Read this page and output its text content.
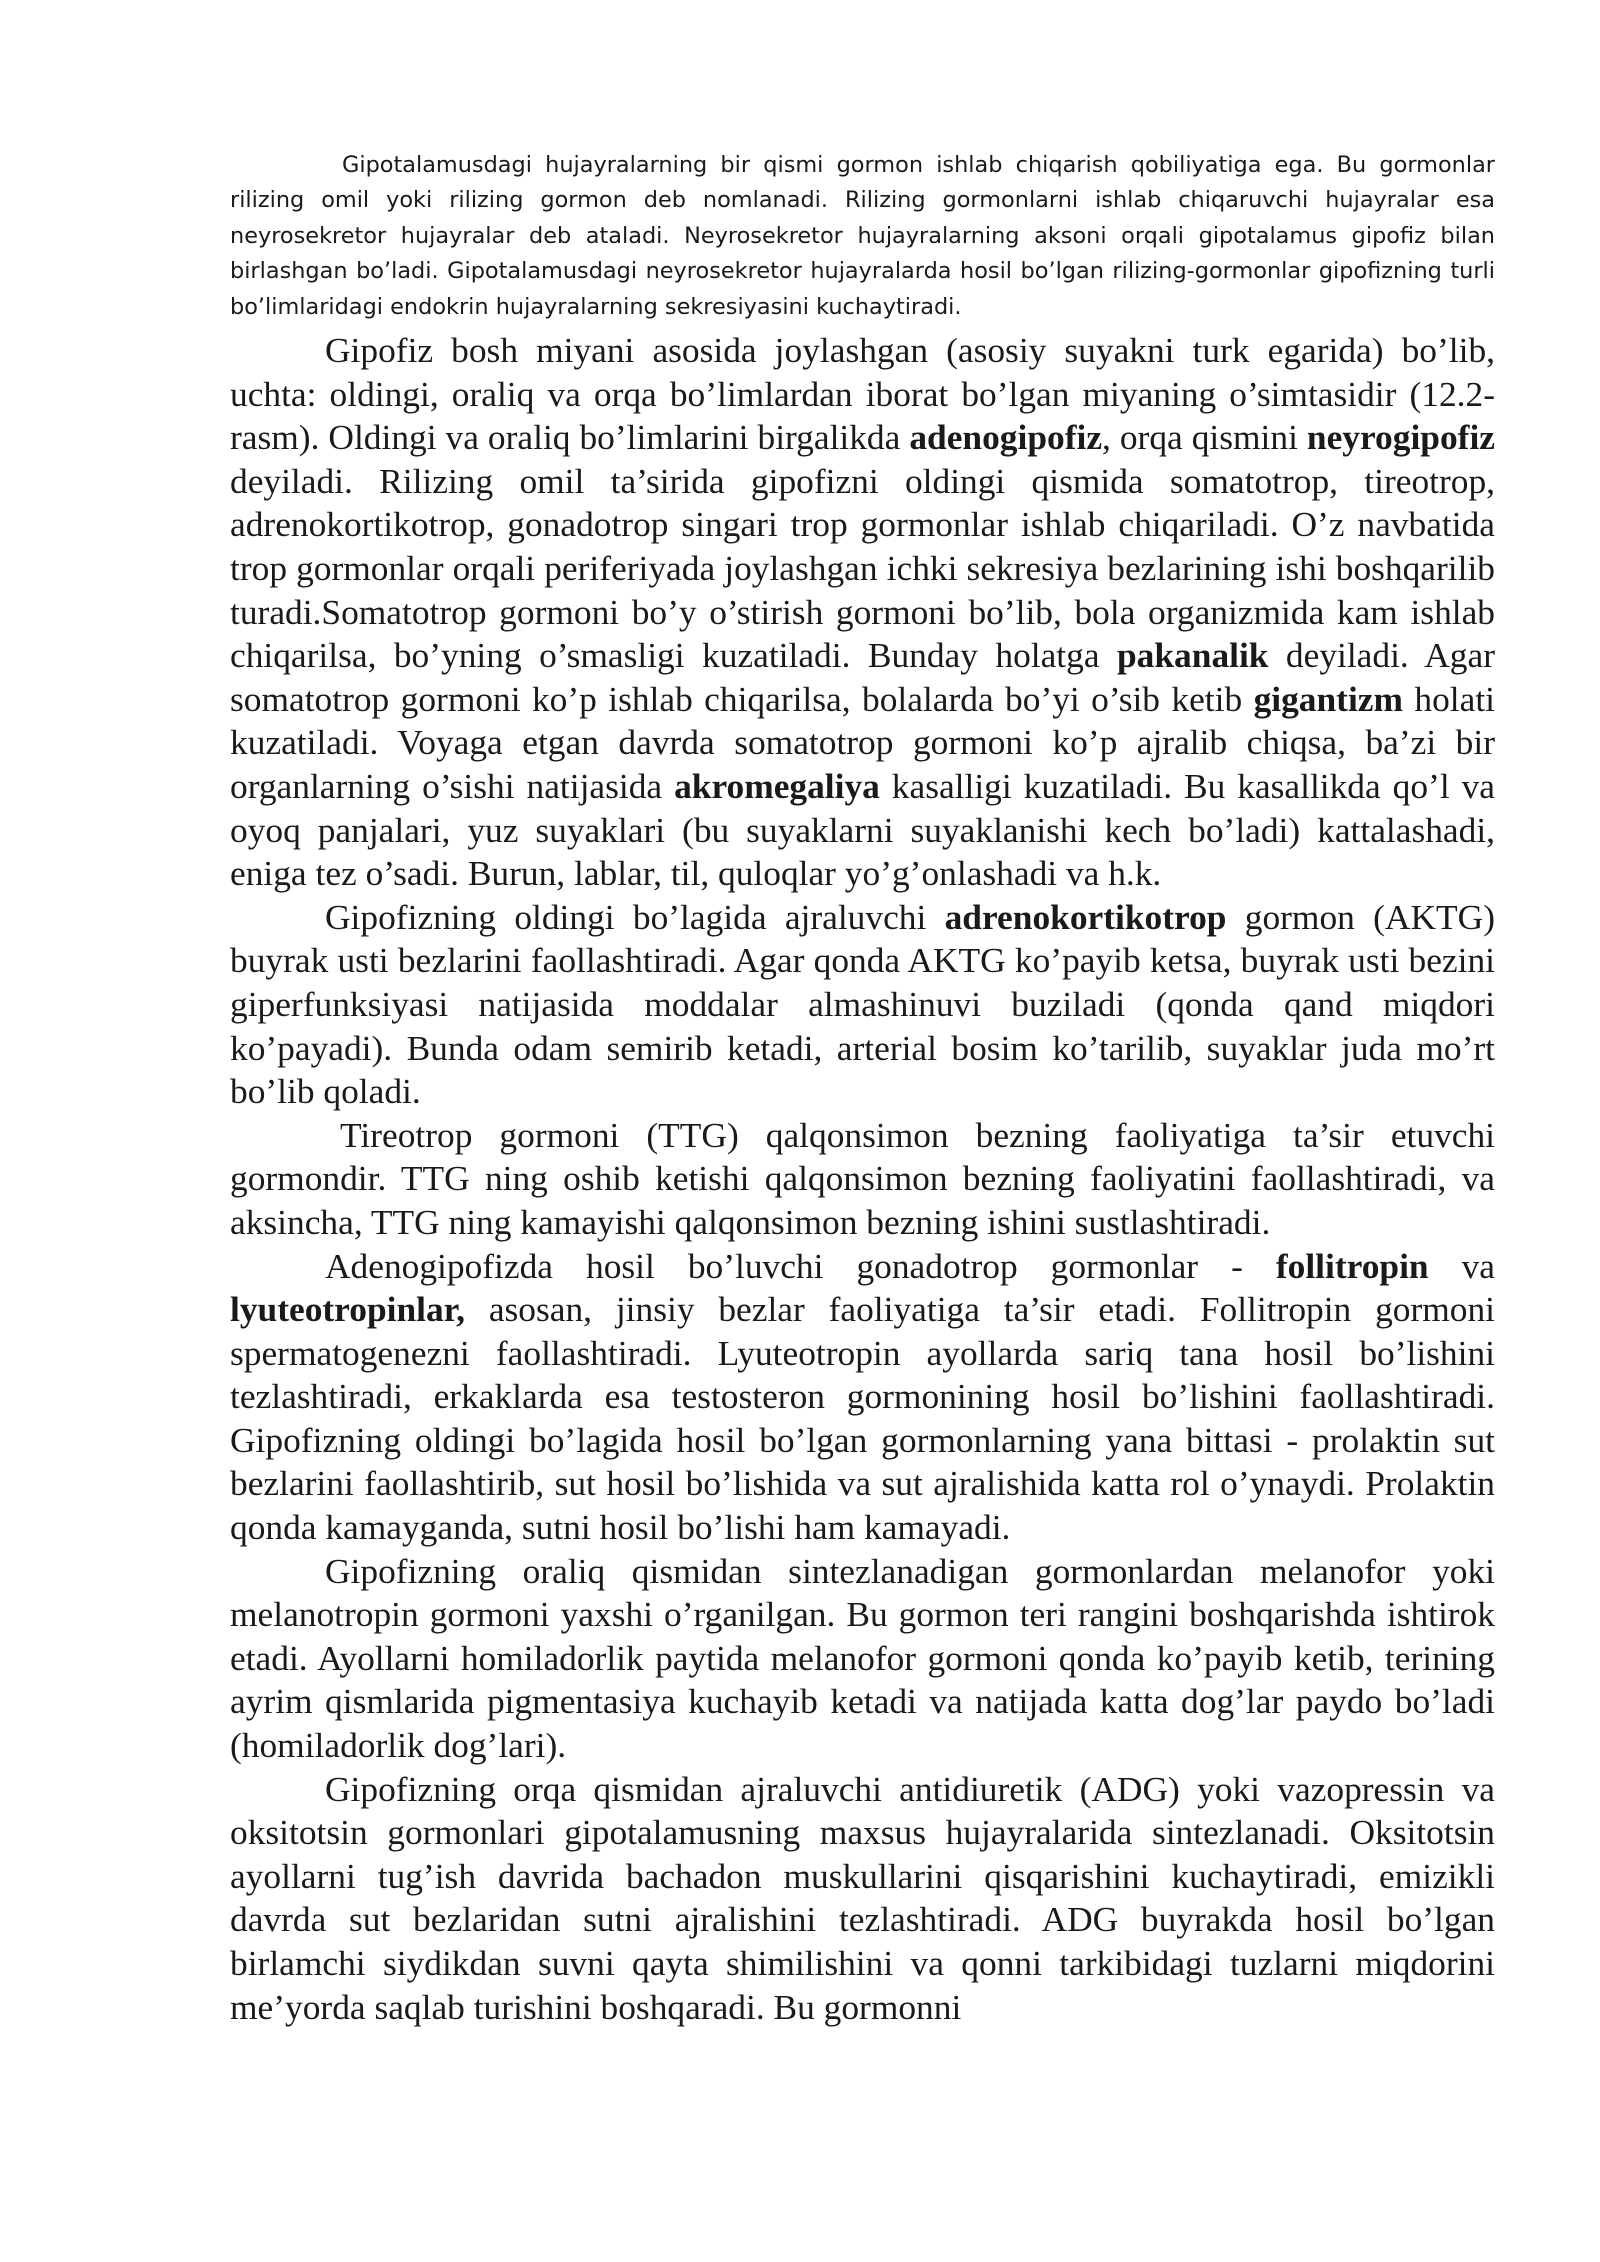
Gipotalamusdagi hujayralarning bir qismi gormon ishlab chiqarish qobiliyatiga ega. Bu gormonlar rilizing omil yoki rilizing gormon deb nomlanadi. Rilizing gormonlarni ishlab chiqaruvchi hujayralar esa neyrosekretor hujayralar deb ataladi. Neyrosekretor hujayralarning aksoni orqali gipotalamus gipofiz bilan birlashgan bo’ladi. Gipotalamusdagi neyrosekretor hujayralarda hosil bo’lgan rilizing-gormonlar gipofizning turli bo’limlaridagi endokrin hujayralarning sekresiyasini kuchaytiradi.

Gipofiz bosh miyani asosida joylashgan (asosiy suyakni turk egarida) bo’lib, uchta: oldingi, oraliq va orqa bo’limlardan iborat bo’lgan miyaning o’simtasidir (12.2-rasm). Oldingi va oraliq bo’limlarini birgalikda adenogipofiz, orqa qismini neyrogipofiz deyiladi. Rilizing omil ta’sirida gipofizni oldingi qismida somatotrop, tireotrop, adrenokortikotrop, gonadotrop singari trop gormonlar ishlab chiqariladi. O’z navbatida trop gormonlar orqali periferiyada joylashgan ichki sekresiya bezlarining ishi boshqarilib turadi.Somatotrop gormoni bo’y o’stirish gormoni bo’lib, bola organizmida kam ishlab chiqarilsa, bo’yning o’smasligi kuzatiladi. Bunday holatga pakanalik deyiladi. Agar somatotrop gormoni ko’p ishlab chiqarilsa, bolalarda bo’yi o’sib ketib gigantizm holati kuzatiladi. Voyaga etgan davrda somatotrop gormoni ko’p ajralib chiqsa, ba’zi bir organlarning o’sishi natijasida akromegaliya kasalligi kuzatiladi. Bu kasallikda qo’l va oyoq panjalari, yuz suyaklari (bu suyaklarni suyaklanishi kech bo’ladi) kattalashadi, eniga tez o’sadi. Burun, lablar, til, quloqlar yo’g’onlashadi va h.k.

Gipofizning oldingi bo’lagida ajraluvchi adrenokortikotrop gormon (AKTG) buyrak usti bezlarini faollashtiradi. Agar qonda AKTG ko’payib ketsa, buyrak usti bezini giperfunksiyasi natijasida moddalar almashinuvi buziladi (qonda qand miqdori ko’payadi). Bunda odam semirib ketadi, arterial bosim ko’tarilib, suyaklar juda mo’rt bo’lib qoladi.

Tireotrop gormoni (TTG) qalqonsimon bezning faoliyatiga ta’sir etuvchi gormondir. TTG ning oshib ketishi qalqonsimon bezning faoliyatini faollashtiradi, va aksincha, TTG ning kamayishi qalqonsimon bezning ishini sustlashtiradi.

Adenogipofizda hosil bo’luvchi gonadotrop gormonlar - follitropin va lyuteotropinlar, asosan, jinsiy bezlar faoliyatiga ta’sir etadi. Follitropin gormoni spermatogenezni faollashtiradi. Lyuteotropin ayollarda sariq tana hosil bo’lishini tezlashtiradi, erkaklarda esa testosteron gormonining hosil bo’lishini faollashtiradi. Gipofizning oldingi bo’lagida hosil bo’lgan gormonlarning yana bittasi - prolaktin sut bezlarini faollashtirib, sut hosil bo’lishida va sut ajralishida katta rol o’ynaydi. Prolaktin qonda kamayganda, sutni hosil bo’lishi ham kamayadi.

Gipofizning oraliq qismidan sintezlanadigan gormonlardan melanofor yoki melanotropin gormoni yaxshi o’rganilgan. Bu gormon teri rangini boshqarishda ishtirok etadi. Ayollarni homiladorlik paytida melanofor gormoni qonda ko’payib ketib, terining ayrim qismlarida pigmentasiya kuchayib ketadi va natijada katta dog’lar paydo bo’ladi (homiladorlik dog’lari).

Gipofizning orqa qismidan ajraluvchi antidiuretik (ADG) yoki vazopressin va oksitotsin gormonlari gipotalamusning maxsus hujayralarida sintezlanadi. Oksitotsin ayollarni tug’ish davrida bachadon muskullarini qisqarishini kuchaytiradi, emizikli davrda sut bezlaridan sutni ajralishini tezlashtiradi. ADG buyrakda hosil bo’lgan birlamchi siydikdan suvni qayta shimilishini va qonni tarkibidagi tuzlarni miqdorini me’yorda saqlab turishini boshqaradi. Bu gormonni
